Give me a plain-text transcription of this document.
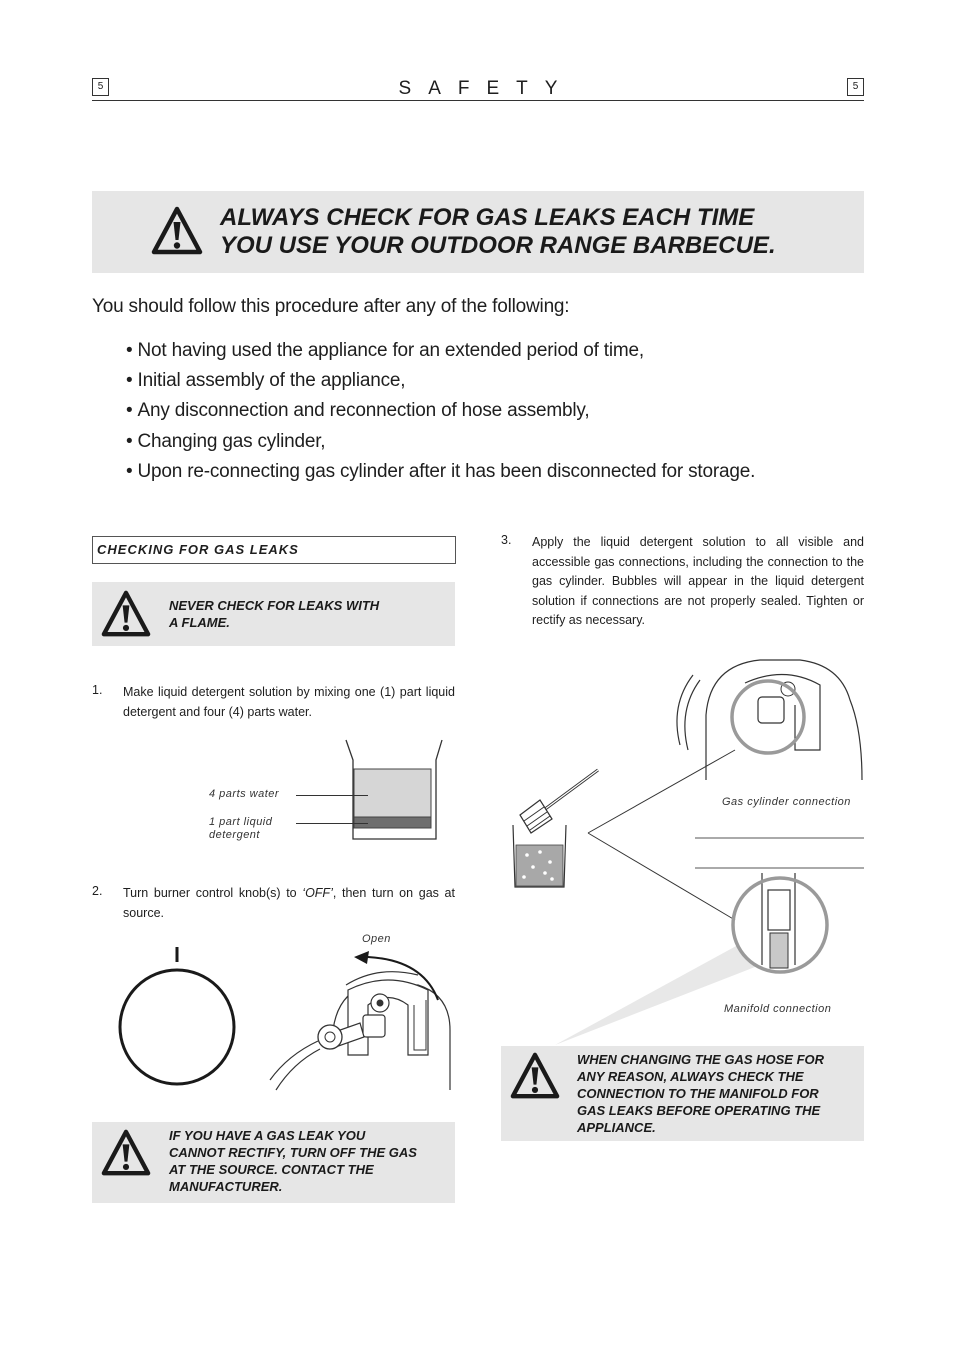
5	5
SAFETY
ALWAYS CHECK FOR GAS LEAKS EACH TIME
YOU USE YOUR OUTDOOR RANGE BARBECUE.
You should follow this procedure after any of the following:
• Not having used the appliance for an extended period of time,
• Initial assembly of the appliance,
• Any disconnection and reconnection of hose assembly,
• Changing gas cylinder,
• Upon re-connecting gas cylinder after it has been disconnected for storage.
CHECKING FOR GAS LEAKS
NEVER CHECK FOR LEAKS WITH
A FLAME.
1. Make liquid detergent solution by mixing one (1) part liquid detergent and four (4) parts water.
4 parts water
1 part liquid
detergent
2. Turn burner control knob(s) to ‘OFF’, then turn on gas at source.
Open
IF YOU HAVE A GAS LEAK YOU
CANNOT RECTIFY, TURN OFF THE GAS
AT THE SOURCE. CONTACT THE
MANUFACTURER.
3. Apply the liquid detergent solution to all visible and accessible gas connections, including the connection to the gas cylinder. Bubbles will appear in the liquid detergent solution if connections are not properly sealed. Tighten or rectify as necessary.
Gas cylinder connection
Manifold connection
WHEN CHANGING THE GAS HOSE FOR
ANY REASON, ALWAYS CHECK THE
CONNECTION TO THE MANIFOLD FOR
GAS LEAKS BEFORE OPERATING THE
APPLIANCE.
